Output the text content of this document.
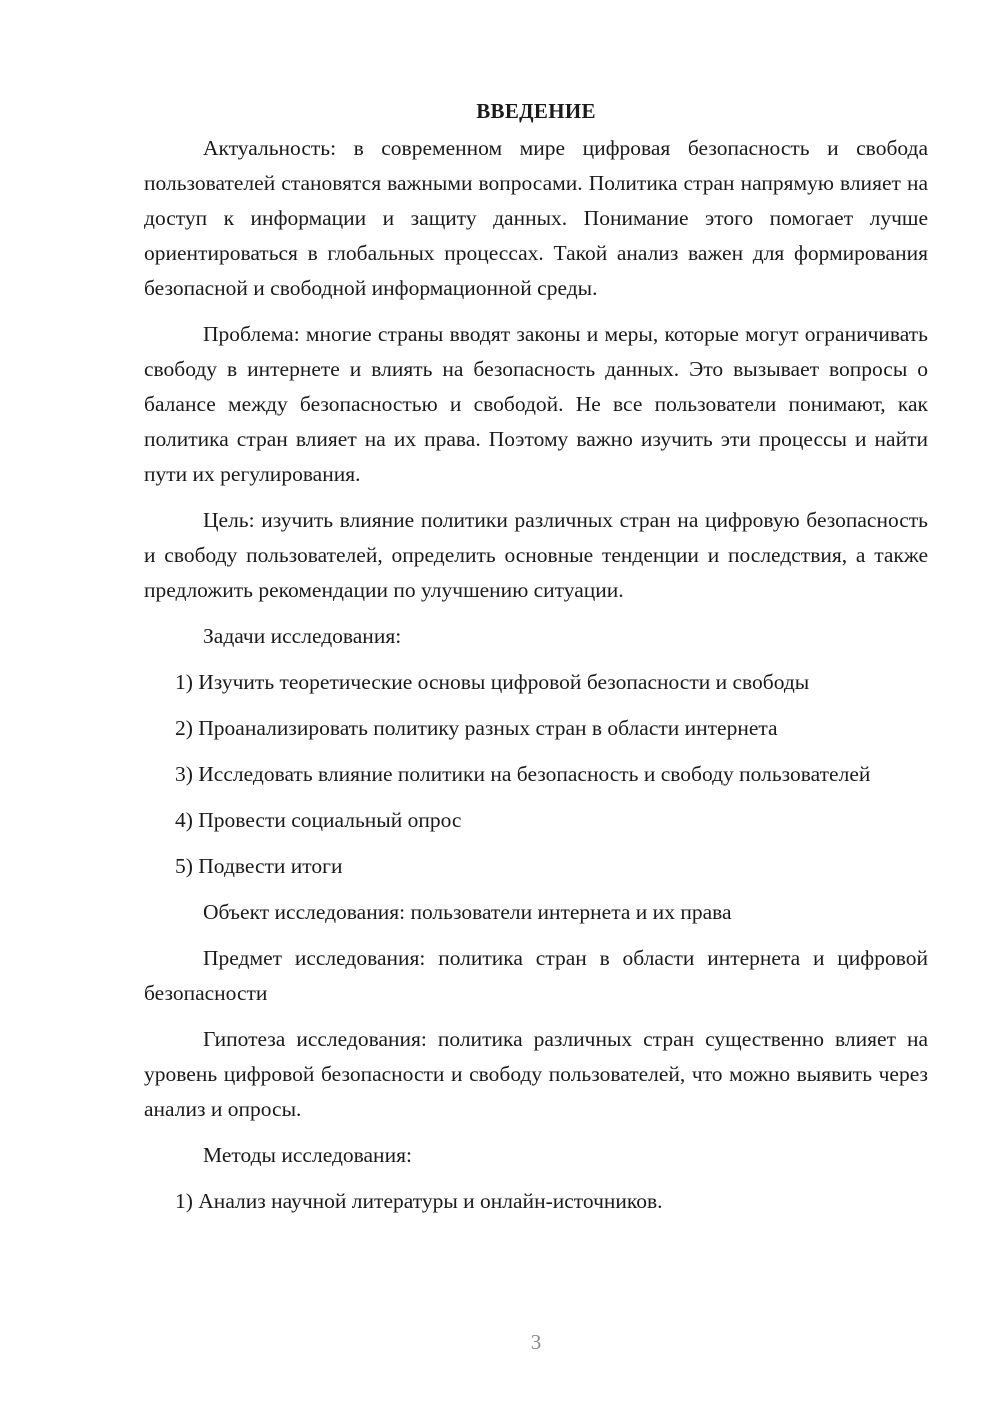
ВВЕДЕНИЕ

Актуальность: в современном мире цифровая безопасность и свобода пользователей становятся важными вопросами. Политика стран напрямую влияет на доступ к информации и защиту данных. Понимание этого помогает лучше ориентироваться в глобальных процессах. Такой анализ важен для формирования безопасной и свободной информационной среды.

Проблема: многие страны вводят законы и меры, которые могут ограничивать свободу в интернете и влиять на безопасность данных. Это вызывает вопросы о балансе между безопасностью и свободой. Не все пользователи понимают, как политика стран влияет на их права. Поэтому важно изучить эти процессы и найти пути их регулирования.

Цель: изучить влияние политики различных стран на цифровую безопасность и свободу пользователей, определить основные тенденции и последствия, а также предложить рекомендации по улучшению ситуации.

Задачи исследования:

1) Изучить теоретические основы цифровой безопасности и свободы

2) Проанализировать политику разных стран в области интернета

3) Исследовать влияние политики на безопасность и свободу пользователей

4) Провести социальный опрос

5) Подвести итоги

Объект исследования: пользователи интернета и их права

Предмет исследования: политика стран в области интернета и цифровой безопасности

Гипотеза исследования: политика различных стран существенно влияет на уровень цифровой безопасности и свободу пользователей, что можно выявить через анализ и опросы.

Методы исследования:

1) Анализ научной литературы и онлайн-источников.

3
